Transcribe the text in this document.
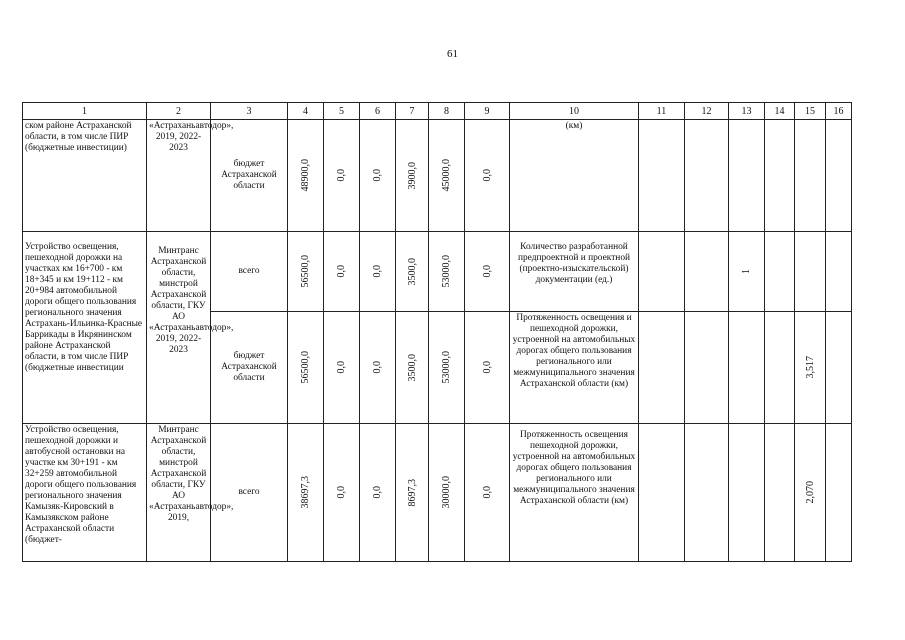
61
1	2	3	4	5	6	7	8	9	10	11	12	13	14	15	16
ском районе Астраханской области, в том числе ПИР (бюджетные инвестиции)	«Астраханьавтодор», 2019, 2022-2023	бюджет Астраханской области	48900,0	0,0	0,0	3900,0	45000,0	0,0	(км)			

Устройство освещения, пешеходной дорожки на участках км 16+700 - км 18+345 и км 19+112 - км 20+984 автомобильной дороги общего пользования регионального значения Астрахань-Ильинка-Красные Баррикады в Икрянинском районе Астраханской области, в том числе ПИР (бюджетные инвестиции	Минтранс Астраханской области, минстрой Астраханской области, ГКУ АО «Астраханьавтодор», 2019, 2022-2023	всего	56500,0	0,0	0,0	3500,0	53000,0	0,0	Количество разработанной предпроектной и проектной (проектно-изыскательской) документации (ед.)			1			

		бюджет Астраханской области	56500,0	0,0	0,0	3500,0	53000,0	0,0	Протяженность освещения и пешеходной дорожки, устроенной на автомобильных дорогах общего пользования регионального или межмуниципального значения Астраханской области (км)					3,517	

Устройство освещения, пешеходной дорожки и автобусной остановки на участке км 30+191 - км 32+259 автомобильной дороги общего пользования регионального значения Камызяк-Кировский в Камызякском районе Астраханской области (бюджет-	Минтранс Астраханской области, минстрой Астраханской области, ГКУ АО «Астраханьавтодор», 2019,	всего	38697,3	0,0	0,0	8697,3	30000,0	0,0	Протяженность освещения пешеходной дорожки, устроенной на автомобильных дорогах общего пользования регионального или межмуниципального значения Астраханской области (км)					2,070	
